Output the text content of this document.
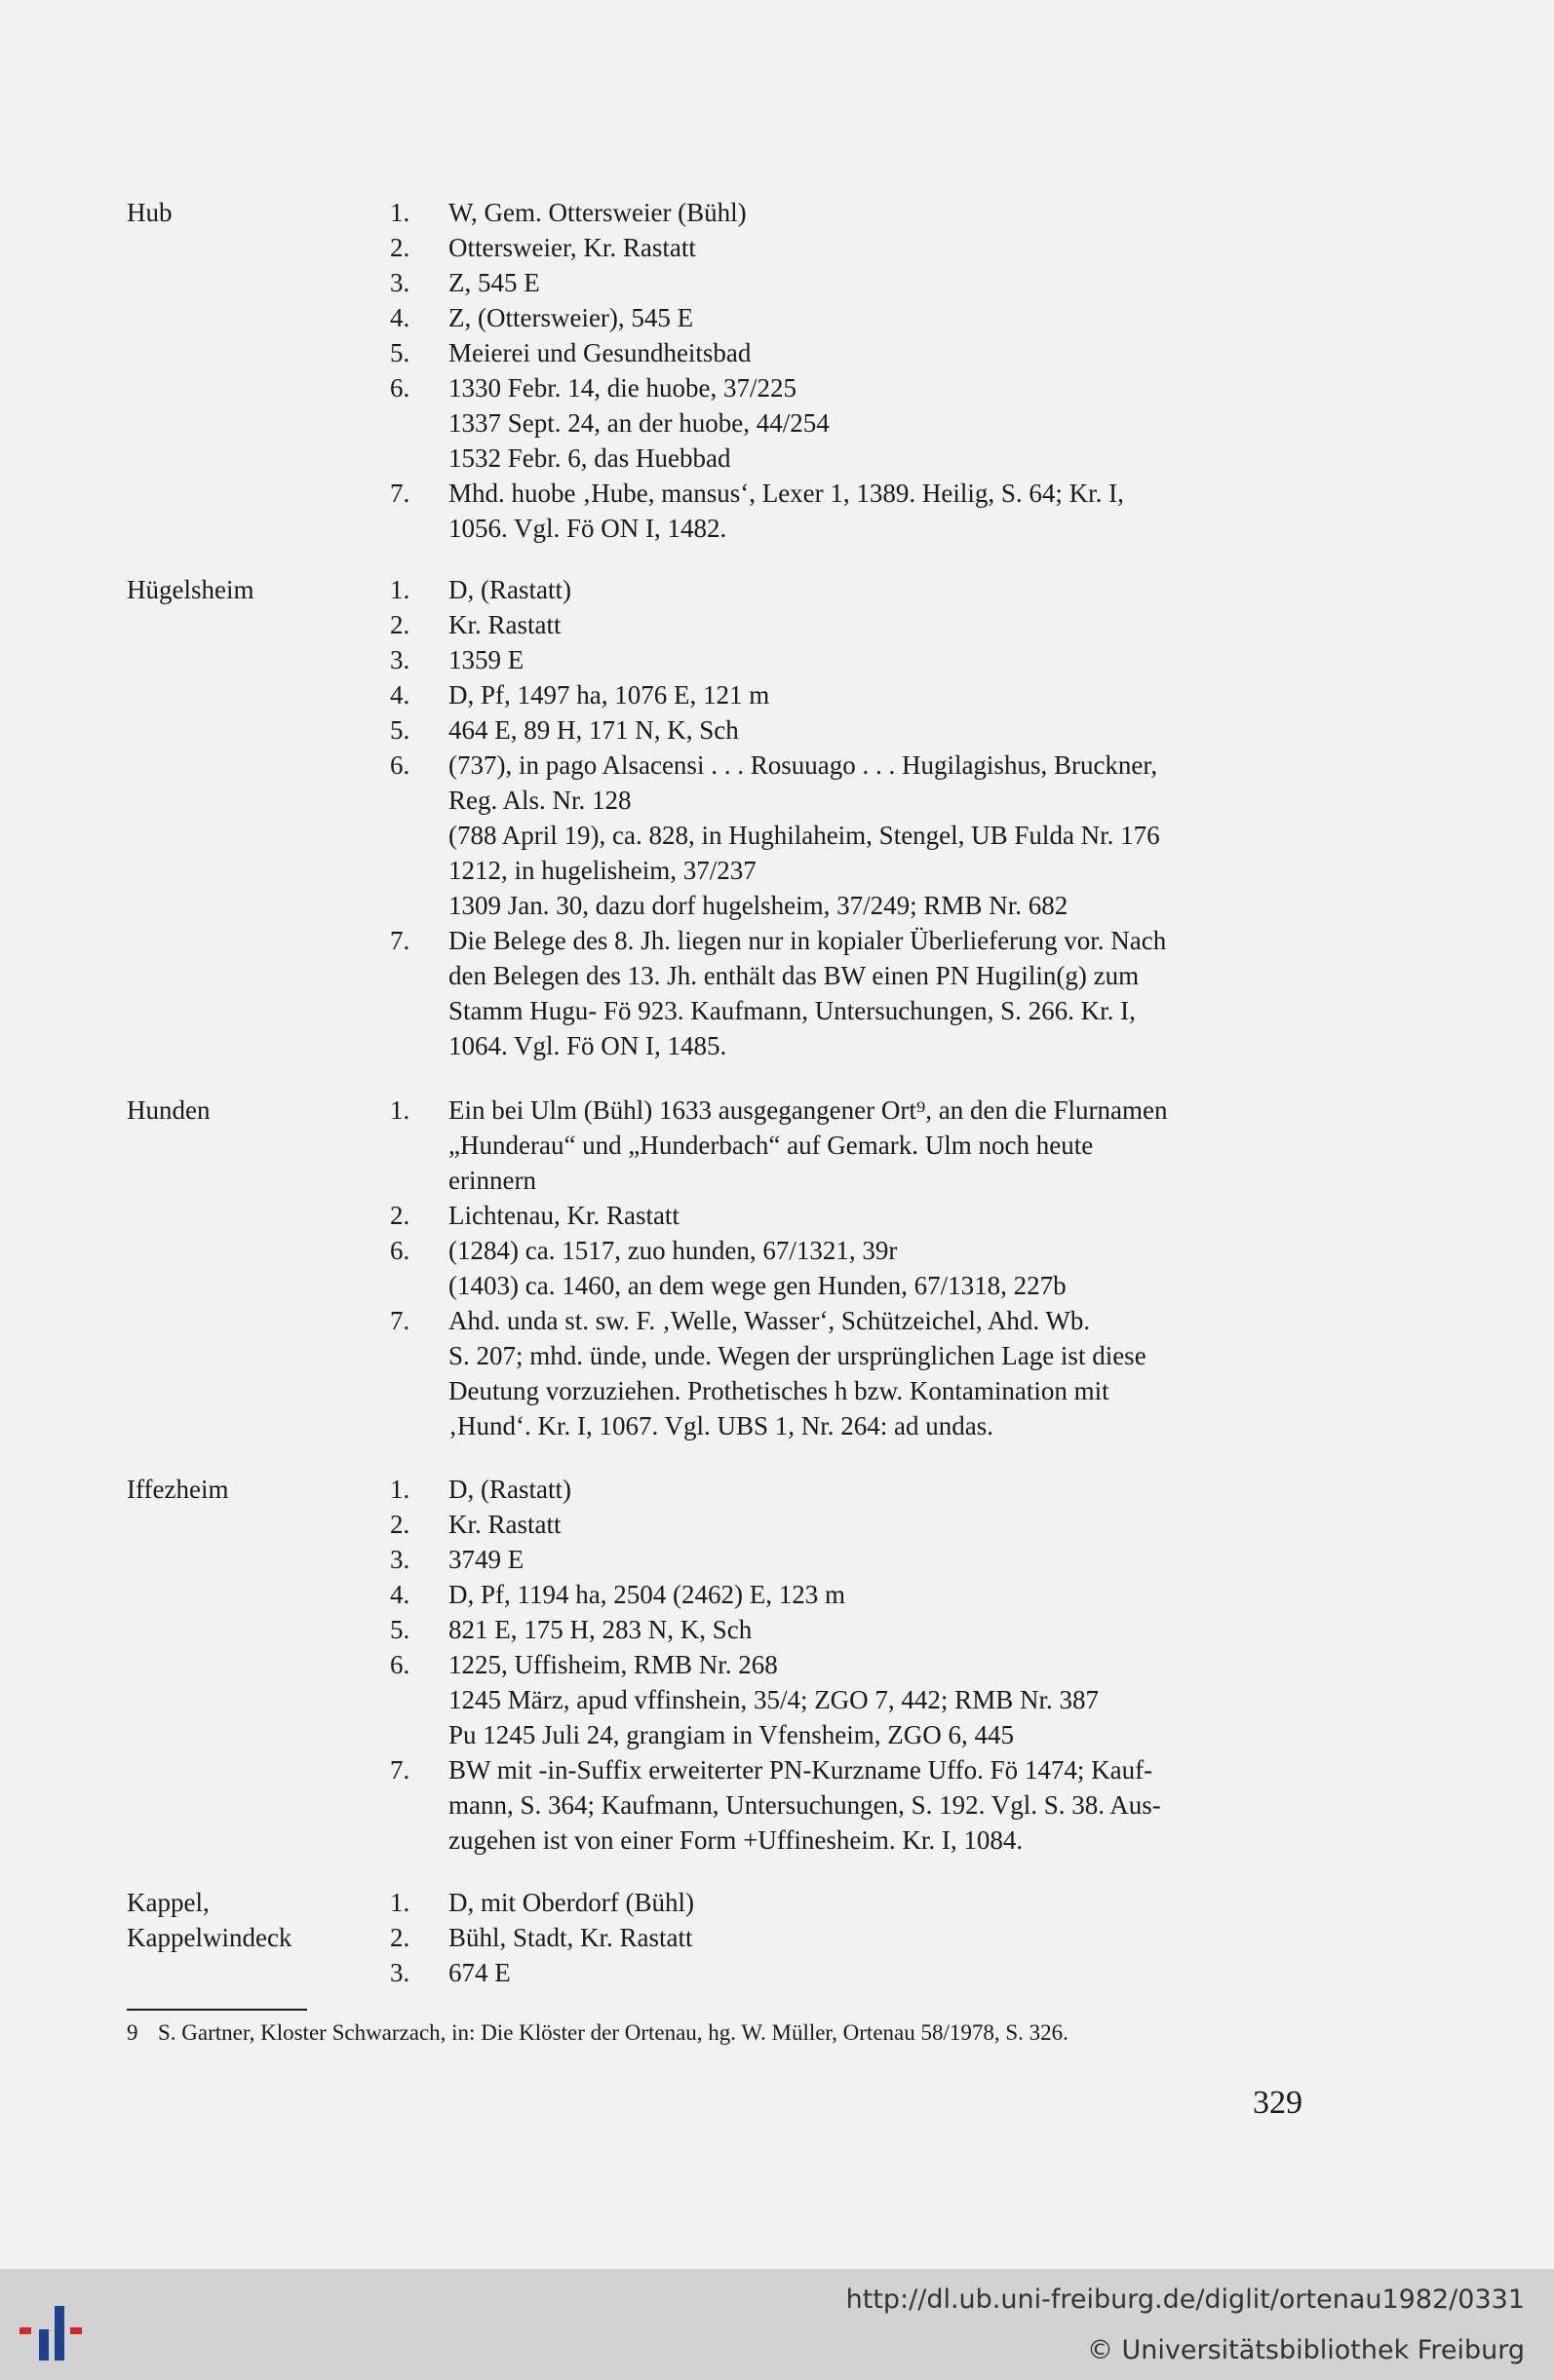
Hub	1.	W, Gem. Ottersweier (Bühl)
2.	Ottersweier, Kr. Rastatt
3.	Z, 545 E
4.	Z, (Ottersweier), 545 E
5.	Meierei und Gesundheitsbad
6.	1330 Febr. 14, die huobe, 37/225
1337 Sept. 24, an der huobe, 44/254
1532 Febr. 6, das Huebbad
7.	Mhd. huobe ‚Hube, mansus‘, Lexer 1, 1389. Heilig, S. 64; Kr. I,
1056. Vgl. Fö ON I, 1482.
Hügelsheim	1.	D, (Rastatt)
2.	Kr. Rastatt
3.	1359 E
4.	D, Pf, 1497 ha, 1076 E, 121 m
5.	464 E, 89 H, 171 N, K, Sch
6.	(737), in pago Alsacensi . . . Rosuuago . . . Hugilagishus, Bruckner,
Reg. Als. Nr. 128
(788 April 19), ca. 828, in Hughilaheim, Stengel, UB Fulda Nr. 176
1212, in hugelisheim, 37/237
1309 Jan. 30, dazu dorf hugelsheim, 37/249; RMB Nr. 682
7.	Die Belege des 8. Jh. liegen nur in kopialer Überlieferung vor. Nach
den Belegen des 13. Jh. enthält das BW einen PN Hugilin(g) zum
Stamm Hugu- Fö 923. Kaufmann, Untersuchungen, S. 266. Kr. I,
1064. Vgl. Fö ON I, 1485.
Hunden	1.	Ein bei Ulm (Bühl) 1633 ausgegangener Ort⁹, an den die Flurnamen
„Hunderau“ und „Hunderbach“ auf Gemark. Ulm noch heute
erinnern
2.	Lichtenau, Kr. Rastatt
6.	(1284) ca. 1517, zuo hunden, 67/1321, 39r
(1403) ca. 1460, an dem wege gen Hunden, 67/1318, 227b
7.	Ahd. unda st. sw. F. ‚Welle, Wasser‘, Schützeichel, Ahd. Wb.
S. 207; mhd. ünde, unde. Wegen der ursprünglichen Lage ist diese
Deutung vorzuziehen. Prothetisches h bzw. Kontamination mit
‚Hund‘. Kr. I, 1067. Vgl. UBS 1, Nr. 264: ad undas.
Iffezheim	1.	D, (Rastatt)
2.	Kr. Rastatt
3.	3749 E
4.	D, Pf, 1194 ha, 2504 (2462) E, 123 m
5.	821 E, 175 H, 283 N, K, Sch
6.	1225, Uffisheim, RMB Nr. 268
1245 März, apud vffinshein, 35/4; ZGO 7, 442; RMB Nr. 387
Pu 1245 Juli 24, grangiam in Vfensheim, ZGO 6, 445
7.	BW mit -in-Suffix erweiterter PN-Kurzname Uffo. Fö 1474; Kauf-
mann, S. 364; Kaufmann, Untersuchungen, S. 192. Vgl. S. 38. Aus-
zugehen ist von einer Form +Uffinesheim. Kr. I, 1084.
Kappel,
Kappelwindeck
1.	D, mit Oberdorf (Bühl)
2.	Bühl, Stadt, Kr. Rastatt
3.	674 E
9 S. Gartner, Kloster Schwarzach, in: Die Klöster der Ortenau, hg. W. Müller, Ortenau 58/1978, S. 326.
329
http://dl.ub.uni-freiburg.de/diglit/ortenau1982/0331
© Universitätsbibliothek Freiburg
